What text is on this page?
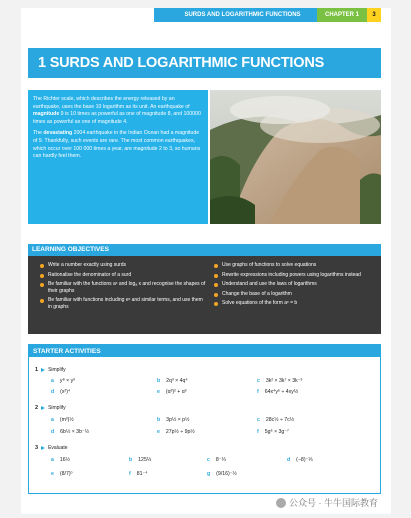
SURDS AND LOGARITHMIC FUNCTIONS	CHAPTER 1	3
1 SURDS AND LOGARITHMIC FUNCTIONS

The Richter scale, which describes the energy released by an earthquake, uses the base 10 logarithm as its unit. An earthquake of magnitude 9 is 10 times as powerful as one of magnitude 8, and 100000 times as powerful as one of magnitude 4.

The devastating 2004 earthquake in the Indian Ocean had a magnitude of 9. Thankfully, such events are rare. The most common earthquakes, which occur over 100 000 times a year, are magnitude 2 to 3, so humans can hardly feel them.

LEARNING OBJECTIVES
Write a number exactly using surds
Rationalise the denominator of a surd
Be familiar with the functions aˣ and logₐ x and recognise the shapes of their graphs
Be familiar with functions including eˣ and similar terms, and use them in graphs
Use graphs of functions to solve equations
Rewrite expressions including powers using logarithms instead
Understand and use the laws of logarithms
Change the base of a logarithm
Solve equations of the form aˣ = b
STARTER ACTIVITIES
1 Simplify
a y⁸ × y³	b 2q³ × 4q⁴	c 3k² × 3k⁷ × 3k⁻³
d (x²)⁴	e (α³)² + α³	f 64x⁴y⁶ ÷ 4xy½
2 Simplify
a (m²)½	b 3p½ × p½	c 28c½ ÷ 7c½
d 6b½ × 3b⁻½	e 27p½ ÷ 9p½	f 5g⁶ × 3g⁻⁷
3 Evaluate
a 16½	b 125⅓	c 8⁻⅓	d (−8)⁻⅓
e (8/7)⁰	f 81⁻⁴	g (9/16)⁻½
公众号 · 牛牛国际教育
